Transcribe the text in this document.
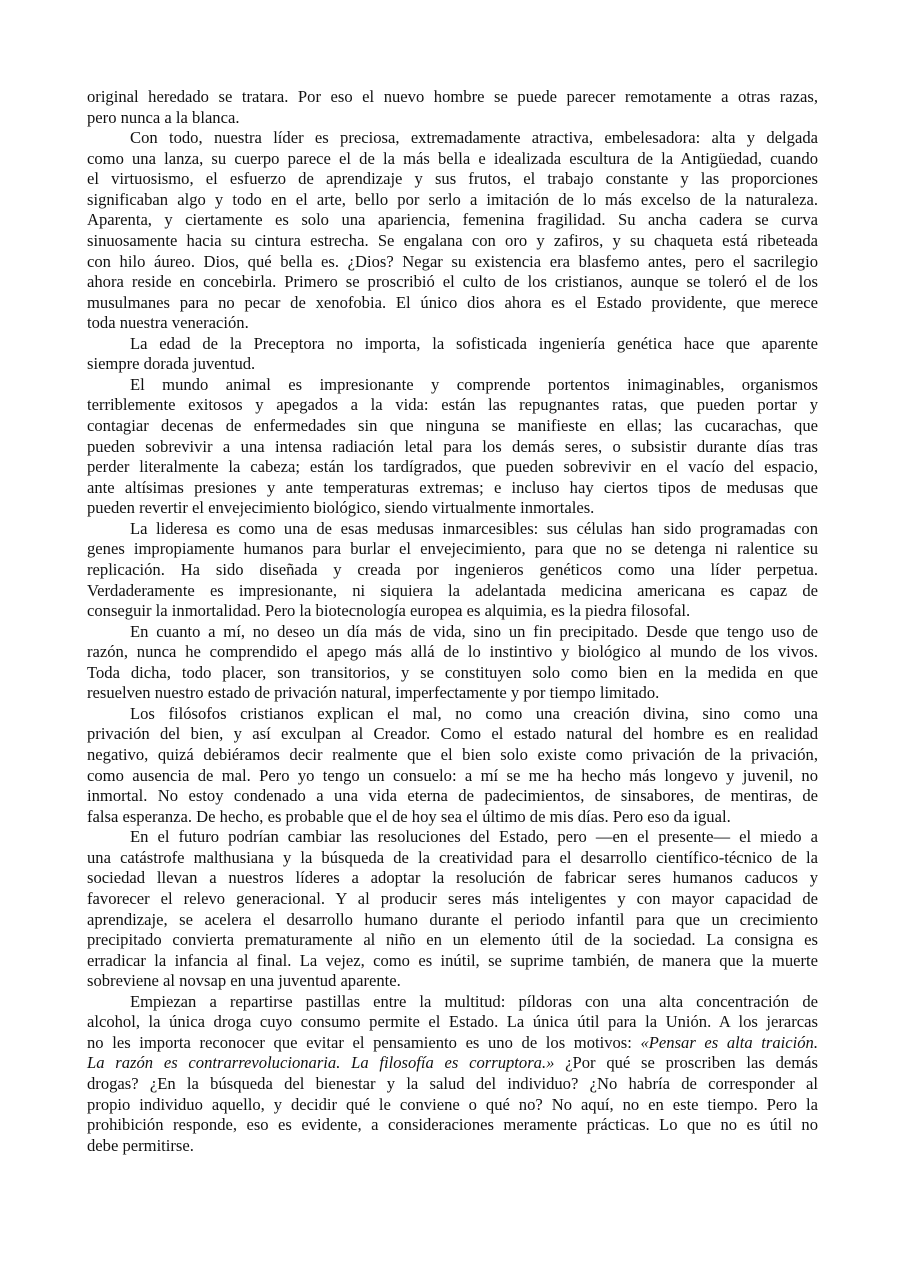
original heredado se tratara. Por eso el nuevo hombre se puede parecer remotamente a otras razas,
pero nunca a la blanca.
Con todo, nuestra líder es preciosa, extremadamente atractiva, embelesadora: alta y delgada
como una lanza, su cuerpo parece el de la más bella e idealizada escultura de la Antigüedad, cuando
el virtuosismo, el esfuerzo de aprendizaje y sus frutos, el trabajo constante y las proporciones
significaban algo y todo en el arte, bello por serlo a imitación de lo más excelso de la naturaleza.
Aparenta, y ciertamente es solo una apariencia, femenina fragilidad. Su ancha cadera se curva
sinuosamente hacia su cintura estrecha. Se engalana con oro y zafiros, y su chaqueta está ribeteada
con hilo áureo. Dios, qué bella es. ¿Dios? Negar su existencia era blasfemo antes, pero el sacrilegio
ahora reside en concebirla. Primero se proscribió el culto de los cristianos, aunque se toleró el de los
musulmanes para no pecar de xenofobia. El único dios ahora es el Estado providente, que merece
toda nuestra veneración.
La edad de la Preceptora no importa, la sofisticada ingeniería genética hace que aparente
siempre dorada juventud.
El mundo animal es impresionante y comprende portentos inimaginables, organismos
terriblemente exitosos y apegados a la vida: están las repugnantes ratas, que pueden portar y
contagiar decenas de enfermedades sin que ninguna se manifieste en ellas; las cucarachas, que
pueden sobrevivir a una intensa radiación letal para los demás seres, o subsistir durante días tras
perder literalmente la cabeza; están los tardígrados, que pueden sobrevivir en el vacío del espacio,
ante altísimas presiones y ante temperaturas extremas; e incluso hay ciertos tipos de medusas que
pueden revertir el envejecimiento biológico, siendo virtualmente inmortales.
La lideresa es como una de esas medusas inmarcesibles: sus células han sido programadas con
genes impropiamente humanos para burlar el envejecimiento, para que no se detenga ni ralentice su
replicación. Ha sido diseñada y creada por ingenieros genéticos como una líder perpetua.
Verdaderamente es impresionante, ni siquiera la adelantada medicina americana es capaz de
conseguir la inmortalidad. Pero la biotecnología europea es alquimia, es la piedra filosofal.
En cuanto a mí, no deseo un día más de vida, sino un fin precipitado. Desde que tengo uso de
razón, nunca he comprendido el apego más allá de lo instintivo y biológico al mundo de los vivos.
Toda dicha, todo placer, son transitorios, y se constituyen solo como bien en la medida en que
resuelven nuestro estado de privación natural, imperfectamente y por tiempo limitado.
Los filósofos cristianos explican el mal, no como una creación divina, sino como una
privación del bien, y así exculpan al Creador. Como el estado natural del hombre es en realidad
negativo, quizá debiéramos decir realmente que el bien solo existe como privación de la privación,
como ausencia de mal. Pero yo tengo un consuelo: a mí se me ha hecho más longevo y juvenil, no
inmortal. No estoy condenado a una vida eterna de padecimientos, de sinsabores, de mentiras, de
falsa esperanza. De hecho, es probable que el de hoy sea el último de mis días. Pero eso da igual.
En el futuro podrían cambiar las resoluciones del Estado, pero —en el presente— el miedo a
una catástrofe malthusiana y la búsqueda de la creatividad para el desarrollo científico-técnico de la
sociedad llevan a nuestros líderes a adoptar la resolución de fabricar seres humanos caducos y
favorecer el relevo generacional. Y al producir seres más inteligentes y con mayor capacidad de
aprendizaje, se acelera el desarrollo humano durante el periodo infantil para que un crecimiento
precipitado convierta prematuramente al niño en un elemento útil de la sociedad. La consigna es
erradicar la infancia al final. La vejez, como es inútil, se suprime también, de manera que la muerte
sobreviene al novsap en una juventud aparente.
Empiezan a repartirse pastillas entre la multitud: píldoras con una alta concentración de
alcohol, la única droga cuyo consumo permite el Estado. La única útil para la Unión. A los jerarcas
no les importa reconocer que evitar el pensamiento es uno de los motivos: «Pensar es alta traición.
La razón es contrarrevolucionaria. La filosofía es corruptora.» ¿Por qué se proscriben las demás
drogas? ¿En la búsqueda del bienestar y la salud del individuo? ¿No habría de corresponder al
propio individuo aquello, y decidir qué le conviene o qué no? No aquí, no en este tiempo. Pero la
prohibición responde, eso es evidente, a consideraciones meramente prácticas. Lo que no es útil no
debe permitirse.
